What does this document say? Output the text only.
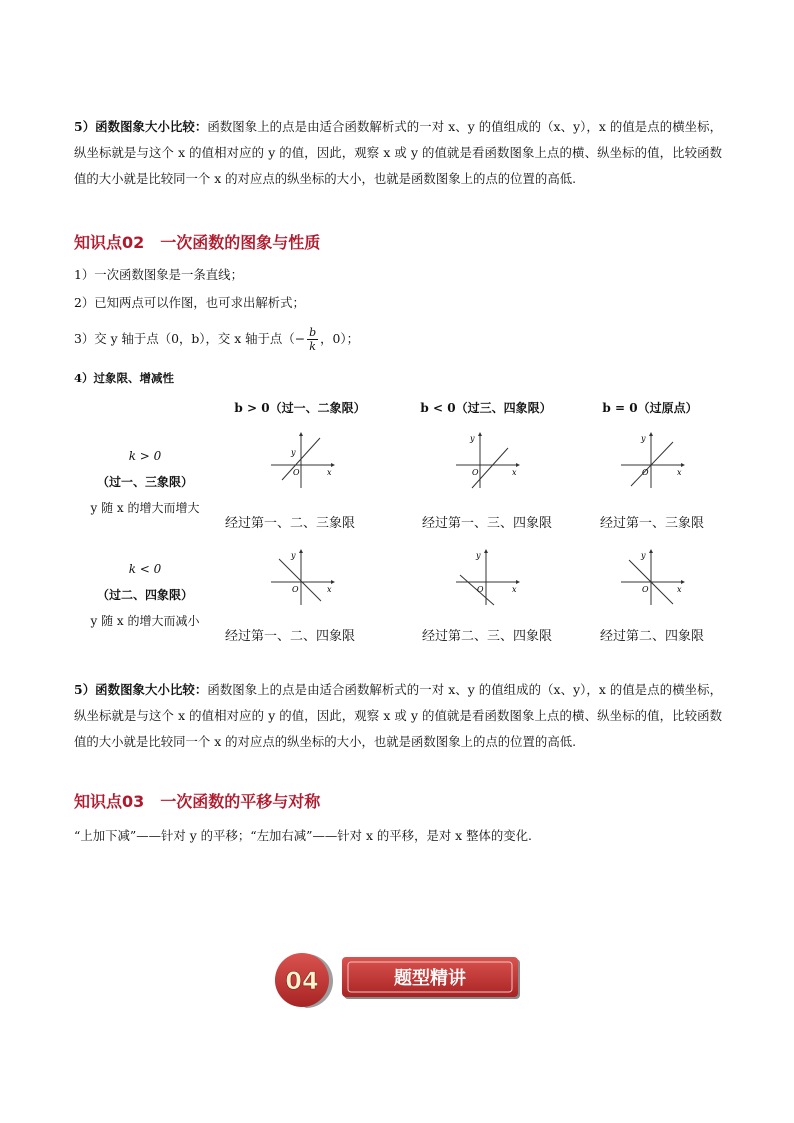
5）函数图象大小比较：函数图象上的点是由适合函数解析式的一对 x、y 的值组成的（x、y），x 的值是点的横坐标，纵坐标就是与这个 x 的值相对应的 y 的值，因此，观察 x 或 y 的值就是看函数图象上点的横、纵坐标的值，比较函数值的大小就是比较同一个 x 的对应点的纵坐标的大小，也就是函数图象上的点的位置的高低.
知识点02　一次函数的图象与性质
1）一次函数图象是一条直线；
2）已知两点可以作图，也可求出解析式；
3）交 y 轴于点（0，b），交 x 轴于点（− $\frac{b}{k}$ ，0）；
4）过象限、增减性
b > 0（过一、二象限）	b < 0（过三、四象限）	b = 0（过原点）
k > 0
（过一、三象限）
y 随 x 的增大而增大
k < 0
（过二、四象限）
y 随 x 的增大而减小
y
x
O
y
x
O
y
x
O
经过第一、二、三象限	经过第一、三、四象限	经过第一、三象限
y
x
O
y
x
O
y
x
O
经过第一、二、四象限	经过第二、三、四象限	经过第二、四象限
5）函数图象大小比较：函数图象上的点是由适合函数解析式的一对 x、y 的值组成的（x、y），x 的值是点的横坐标，纵坐标就是与这个 x 的值相对应的 y 的值，因此，观察 x 或 y 的值就是看函数图象上点的横、纵坐标的值，比较函数值的大小就是比较同一个 x 的对应点的纵坐标的大小，也就是函数图象上的点的位置的高低.
知识点03　一次函数的平移与对称
“上加下减”——针对 y 的平移；“左加右减”——针对 x 的平移，是对 x 整体的变化.
04	题型精讲
